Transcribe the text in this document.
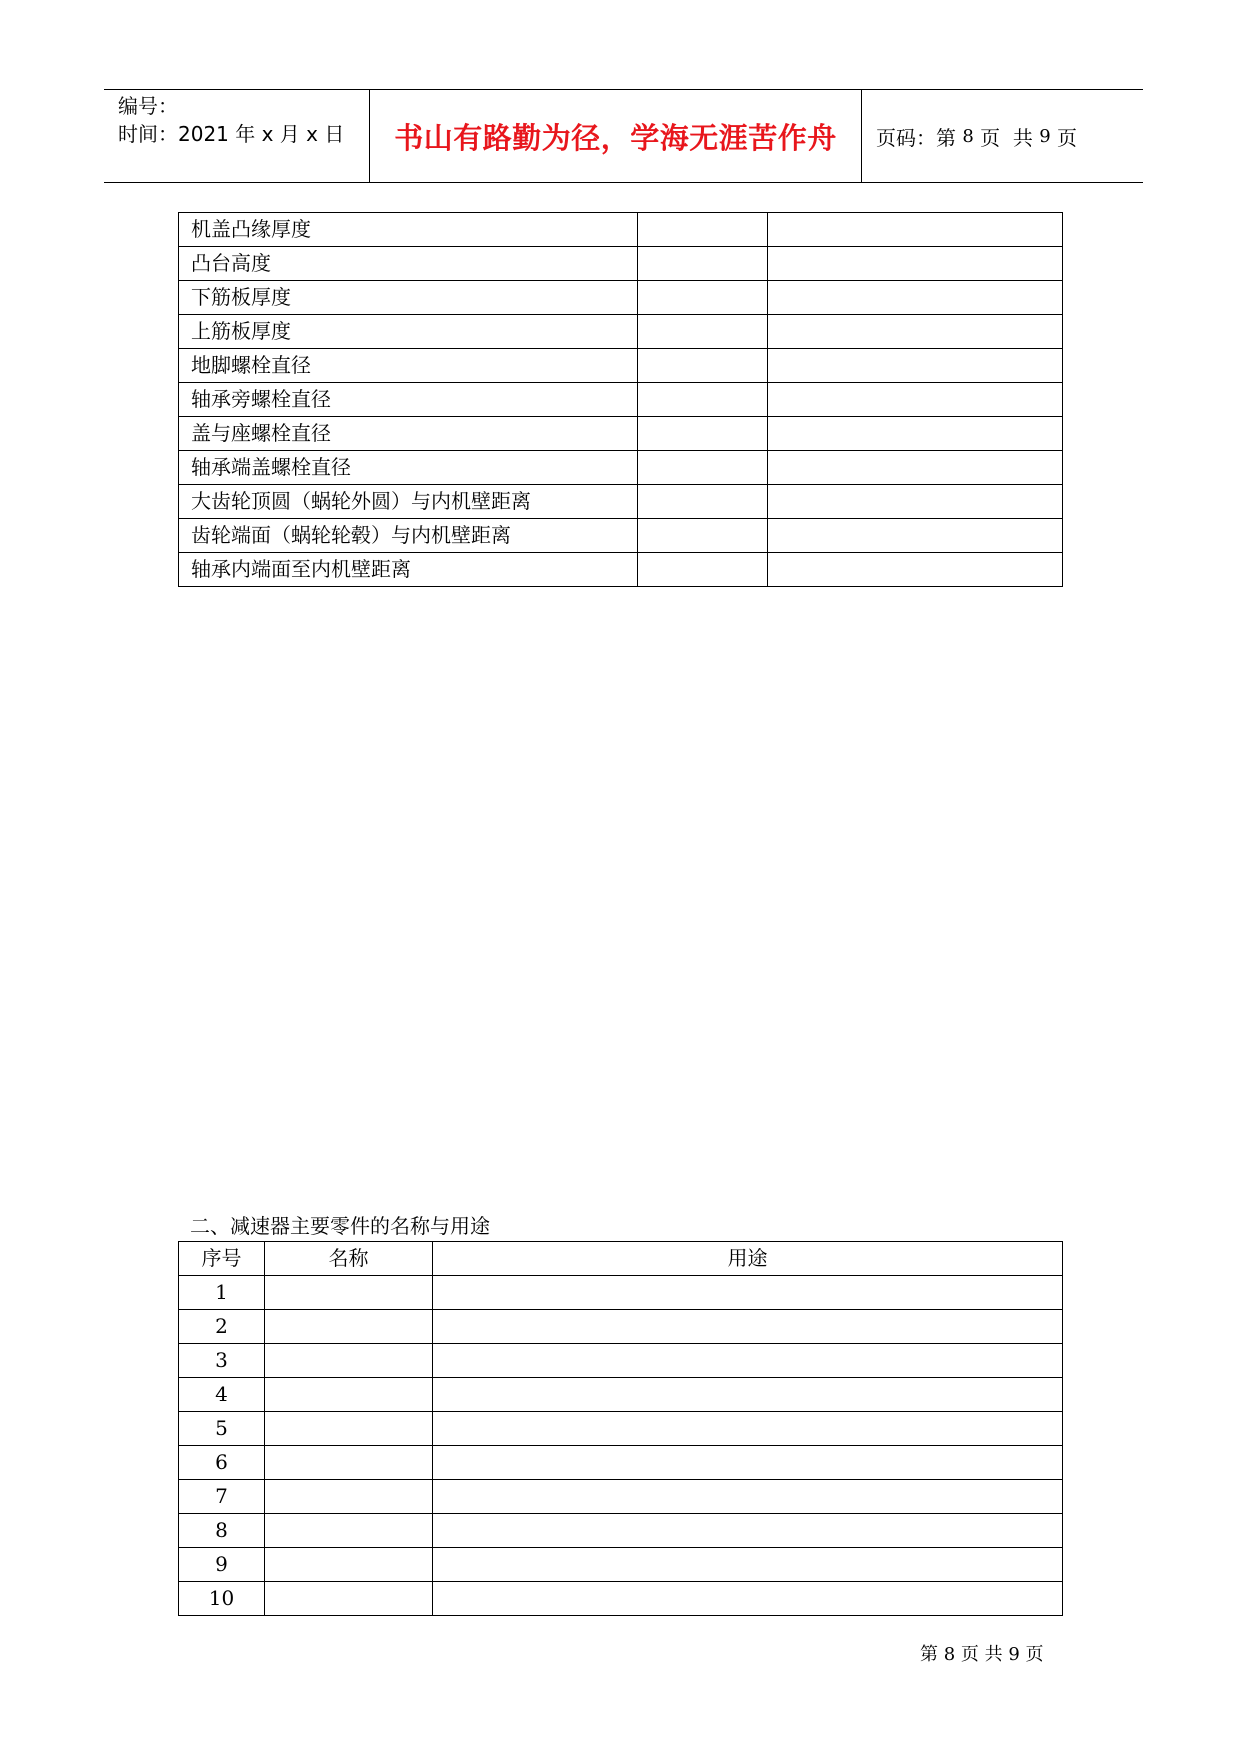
编号：
时间：2021 年 x 月 x 日	书山有路勤为径，学海无涯苦作舟	页码：第 8 页  共 9 页
机盖凸缘厚度		
凸台高度		
下筋板厚度		
上筋板厚度		
地脚螺栓直径		
轴承旁螺栓直径		
盖与座螺栓直径		
轴承端盖螺栓直径		
大齿轮顶圆（蜗轮外圆）与内机壁距离		
齿轮端面（蜗轮轮毂）与内机壁距离		
轴承内端面至内机壁距离		
二、减速器主要零件的名称与用途
序号	名称	用途
1		
2		
3		
4		
5		
6		
7		
8		
9		
10		
第 8 页 共 9 页
